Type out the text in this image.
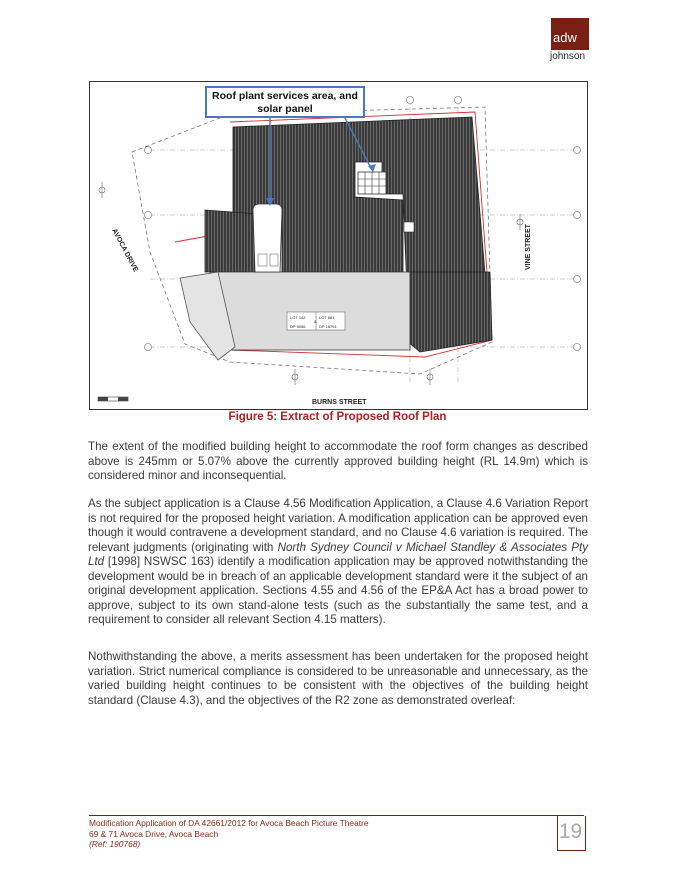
adw
johnson
AVOCA DRIVE	VINE STREET
BURNS STREET
LOT 142
DP 5056
&
LOT 681
DP 16791
Roof plant services area, and solar panel
Figure 5: Extract of Proposed Roof Plan

The extent of the modified building height to accommodate the roof form changes as described above is 245mm or 5.07% above the currently approved building height (RL 14.9m) which is considered minor and inconsequential.

As the subject application is a Clause 4.56 Modification Application, a Clause 4.6 Variation Report is not required for the proposed height variation. A modification application can be approved even though it would contravene a development standard, and no Clause 4.6 variation is required. The relevant judgments (originating with North Sydney Council v Michael Standley & Associates Pty Ltd [1998] NSWSC 163) identify a modification application may be approved notwithstanding the development would be in breach of an applicable development standard were it the subject of an original development application. Sections 4.55 and 4.56 of the EP&A Act has a broad power to approve, subject to its own stand-alone tests (such as the substantially the same test, and a requirement to consider all relevant Section 4.15 matters).

Nothwithstanding the above, a merits assessment has been undertaken for the proposed height variation. Strict numerical compliance is considered to be unreasonable and unnecessary, as the varied building height continues to be consistent with the objectives of the building height standard (Clause 4.3), and the objectives of the R2 zone as demonstrated overleaf:

Modification Application of DA 42661/2012 for Avoca Beach Picture Theatre
69 & 71 Avoca Drive, Avoca Beach
(Ref: 190768)
19
